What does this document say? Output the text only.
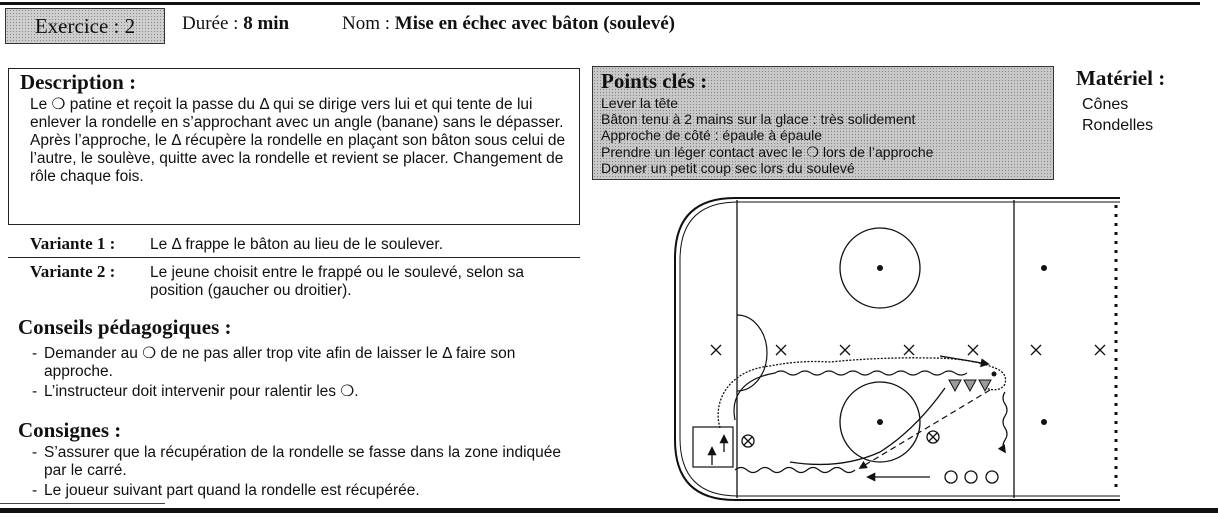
Exercice : 2	Durée : 8 min	Nom : Mise en échec avec bâton (soulevé)
Description :
Le ❍ patine et reçoit la passe du Δ qui se dirige vers lui et qui tente de lui enlever la rondelle en s’approchant avec un angle (banane) sans le dépasser. Après l’approche, le Δ récupère la rondelle en plaçant son bâton sous celui de l’autre, le soulève, quitte avec la rondelle et revient se placer. Changement de rôle chaque fois.
Variante 1 : Le Δ frappe le bâton au lieu de le soulever.
Variante 2 : Le jeune choisit entre le frappé ou le soulevé, selon sa position (gaucher ou droitier).
Conseils pédagogiques :
- Demander au ❍ de ne pas aller trop vite afin de laisser le Δ faire son approche.
- L’instructeur doit intervenir pour ralentir les ❍.
Consignes :
- S’assurer que la récupération de la rondelle se fasse dans la zone indiquée par le carré.
- Le joueur suivant part quand la rondelle est récupérée.
Points clés :
Lever la tête
Bâton tenu à 2 mains sur la glace : très solidement
Approche de côté : épaule à épaule
Prendre un léger contact avec le ❍ lors de l’approche
Donner un petit coup sec lors du soulevé
Matériel :
Cônes
Rondelles
